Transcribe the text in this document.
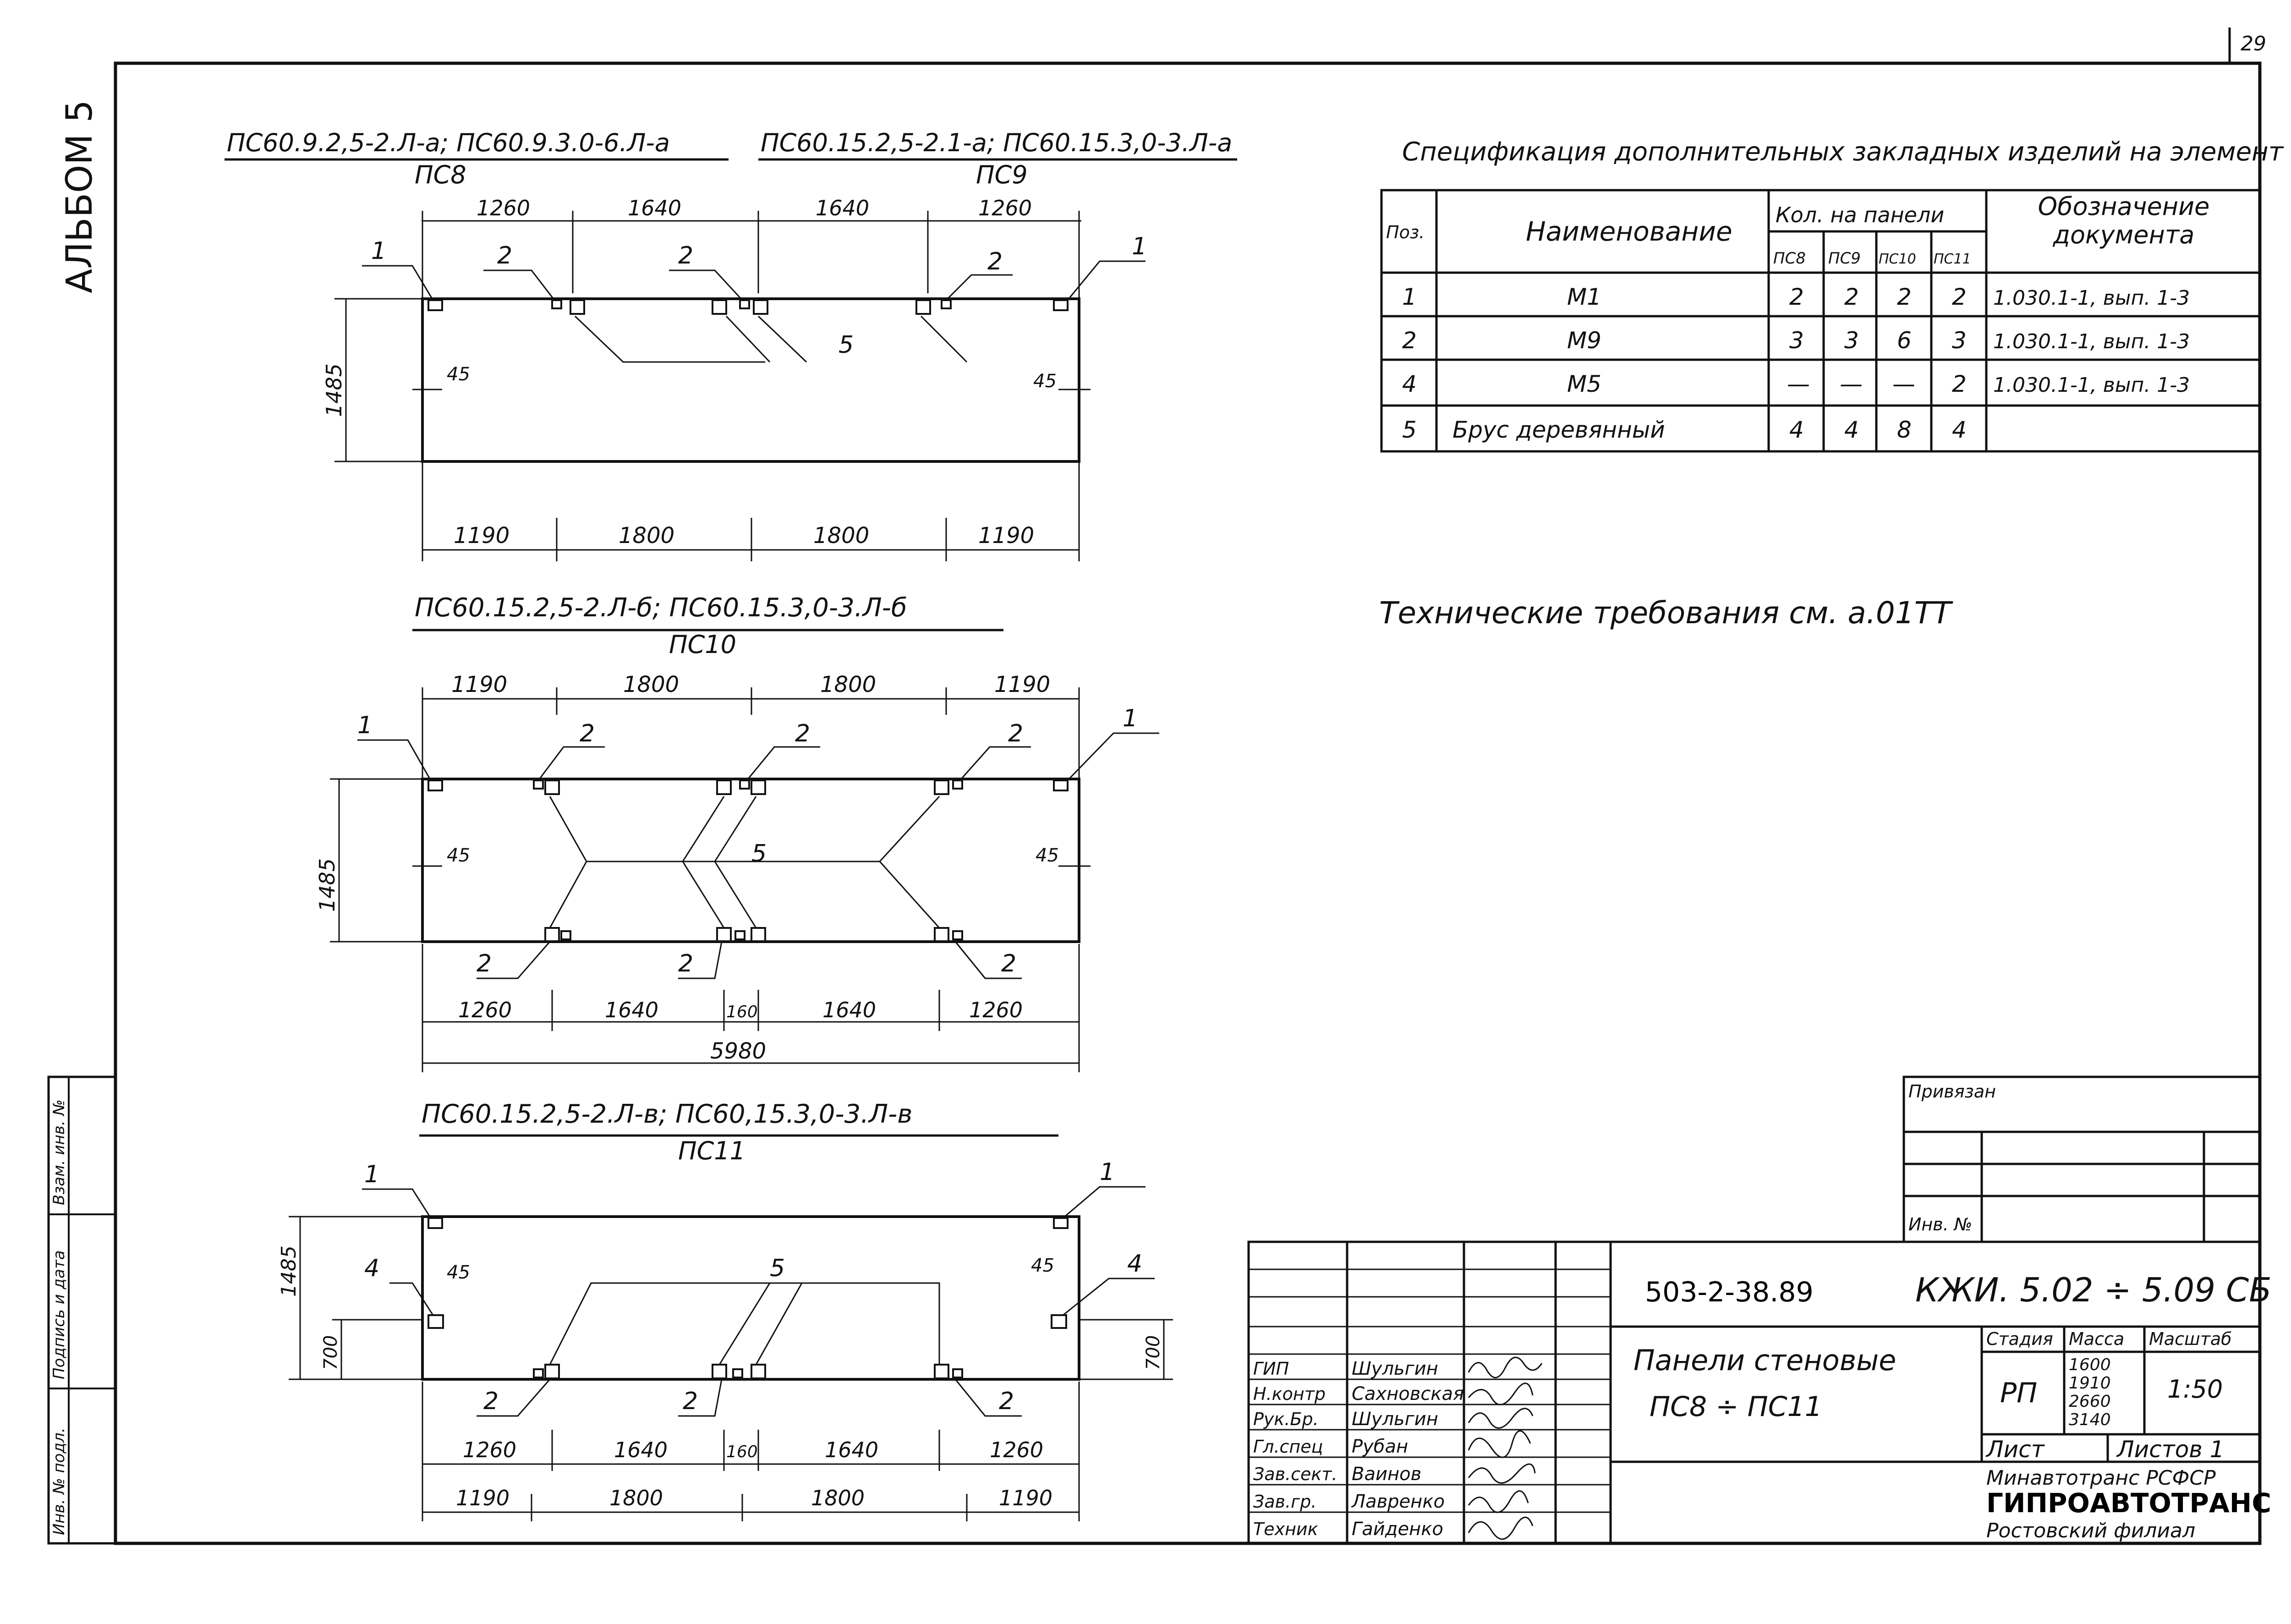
29
АЛЬБОМ 5
Инв. № подл.
Подпись и дата
Взам. инв. №
ПС60.9.2,5-2.Л-а; ПС60.9.3.0-6.Л-а
ПС8
ПС60.15.2,5-2.1-а; ПС60.15.3,0-3.Л-а
ПС9
1260	1640	1640	1260
5
1	2	2	2
1
1485	45	45
1190	1800	1800	1190
ПС60.15.2,5-2.Л-б; ПС60.15.3,0-3.Л-б
ПС10
1190	1800	1800	1190
5
1	2	2	2
1
2	2	2
1485
45	45
1260	1640	160	1640	1260
5980
ПС60.15.2,5-2.Л-в; ПС60,15.3,0-3.Л-в
ПС11
5
1	1
4	4
2	2	2
1485
700	700
45	45
1260	1640	160	1640	1260
1190	1800	1800	1190
Спецификация дополнительных закладных изделий на элемент
Поз.	Наименование
Кол. на панели
ПС8 ПС9 ПС10 ПС11
Обозначение документа
1	М1	2 2 2 2 1.030.1-1, вып. 1-3
2	М9	3 3 6 3 1.030.1-1, вып. 1-3
4	М5	— — — 2 1.030.1-1, вып. 1-3
5 Брус деревянный	4 4 8 4
Технические требования см. а.01ТТ
Привязан
Инв. №
503-2-38.89	КЖИ. 5.02 ÷ 5.09 СБ
Панели стеновые
ПС8 ÷ ПС11
Стадия Масса Масштаб
РП
1600
1910
2660
3140
1:50
Лист	Листов 1
Минавтотранс РСФСР
ГИПРОАВТОТРАНС
Ростовский филиал
ГИП	Шульгин
Н.контр Сахновская
Рук.Бр. Шульгин
Гл.спец Рубан
Зав.сект. Ваинов
Зав.гр. Лавренко
Техник Гайденко
